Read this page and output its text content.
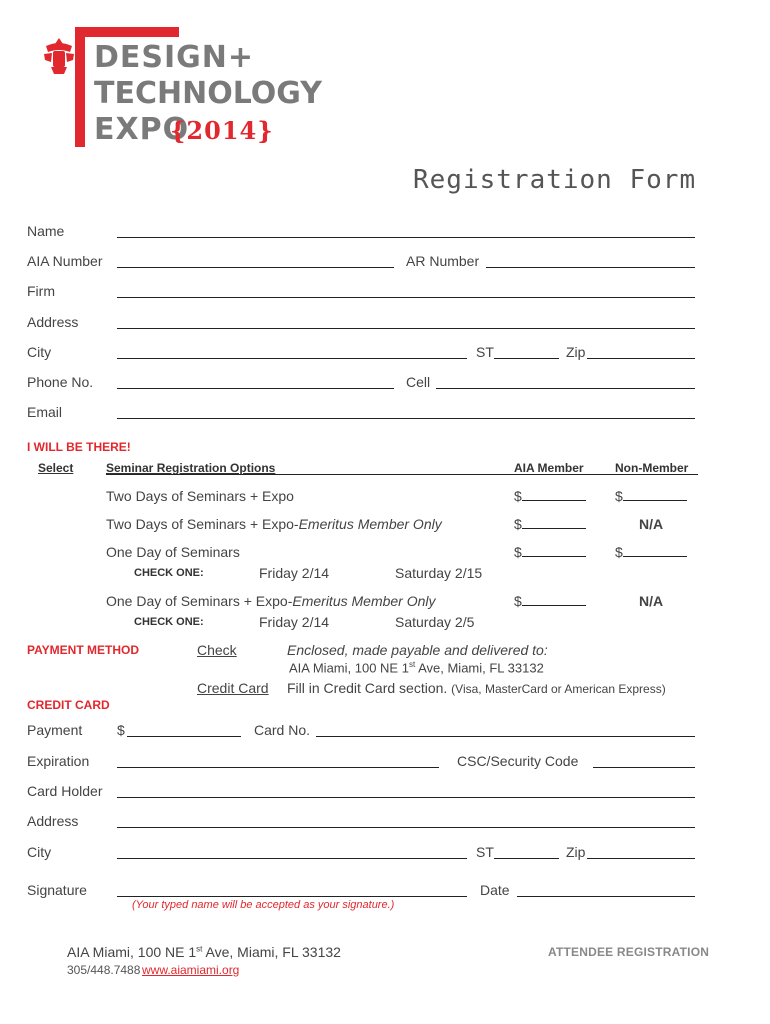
DESIGN+
TECHNOLOGY
EXPO
{2014}
Registration Form
Name
AIA Number	AR Number
Firm
Address
City	ST	Zip
Phone No.	Cell
Email
I WILL BE THERE!
Select	Seminar Registration Options	AIA Member	Non-Member
Two Days of Seminars + Expo	$	$
Two Days of Seminars + Expo-Emeritus Member Only	$	N/A
One Day of Seminars	$	$
CHECK ONE:	Friday 2/14	Saturday 2/15
One Day of Seminars + Expo-Emeritus Member Only	$	N/A
CHECK ONE:	Friday 2/14	Saturday 2/5
PAYMENT METHOD	Check	Enclosed, made payable and delivered to:
AIA Miami, 100 NE 1st Ave, Miami, FL 33132
Credit Card Fill in Credit Card section. (Visa, MasterCard or American Express)
CREDIT CARD
Payment $	Card No.
Expiration	CSC/Security Code
Card Holder
Address
City	ST	Zip
Signature	Date
(Your typed name will be accepted as your signature.)
AIA Miami, 100 NE 1st Ave, Miami, FL 33132
305/448.7488 www.aiamiami.org
ATTENDEE REGISTRATION
